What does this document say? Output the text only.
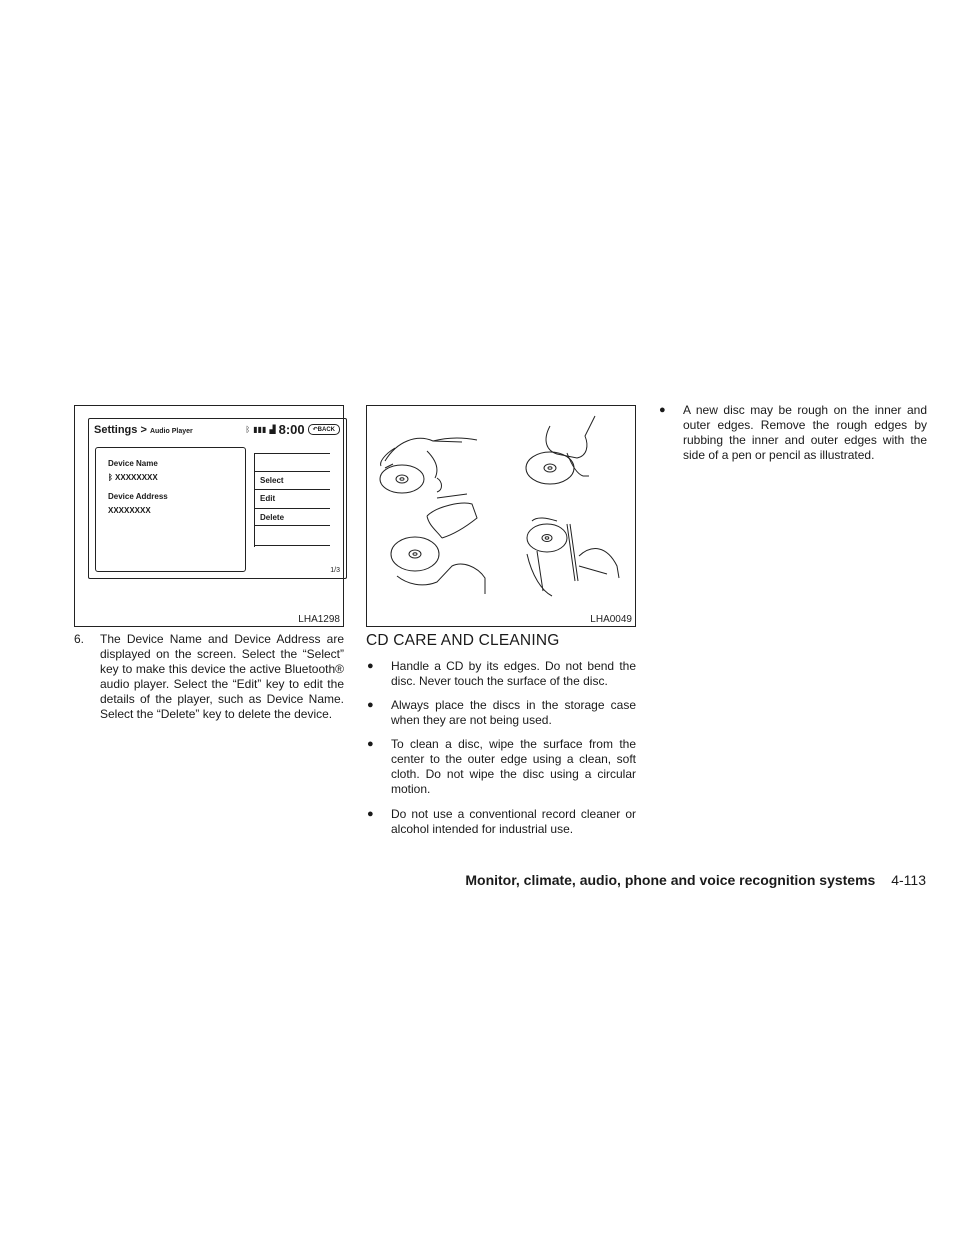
Settings > Audio Player	ᛒ ▮▮▮ ▟ 8:00	↶BACK
Device Name
ᛒ XXXXXXXX
Device Address
XXXXXXXX
Select
Edit
Delete
1/3
LHA1298	LHA0049
6. The Device Name and Device Address are displayed on the screen. Select the “Select” key to make this device the active Bluetooth® audio player. Select the “Edit” key to edit the details of the player, such as Device Name. Select the “Delete” key to delete the device.
CD CARE AND CLEANING
● Handle a CD by its edges. Do not bend the disc. Never touch the surface of the disc.
● Always place the discs in the storage case when they are not being used.
● To clean a disc, wipe the surface from the center to the outer edge using a clean, soft cloth. Do not wipe the disc using a circular motion.
● Do not use a conventional record cleaner or alcohol intended for industrial use.
● A new disc may be rough on the inner and outer edges. Remove the rough edges by rubbing the inner and outer edges with the side of a pen or pencil as illustrated.
Monitor, climate, audio, phone and voice recognition systems 4-113
